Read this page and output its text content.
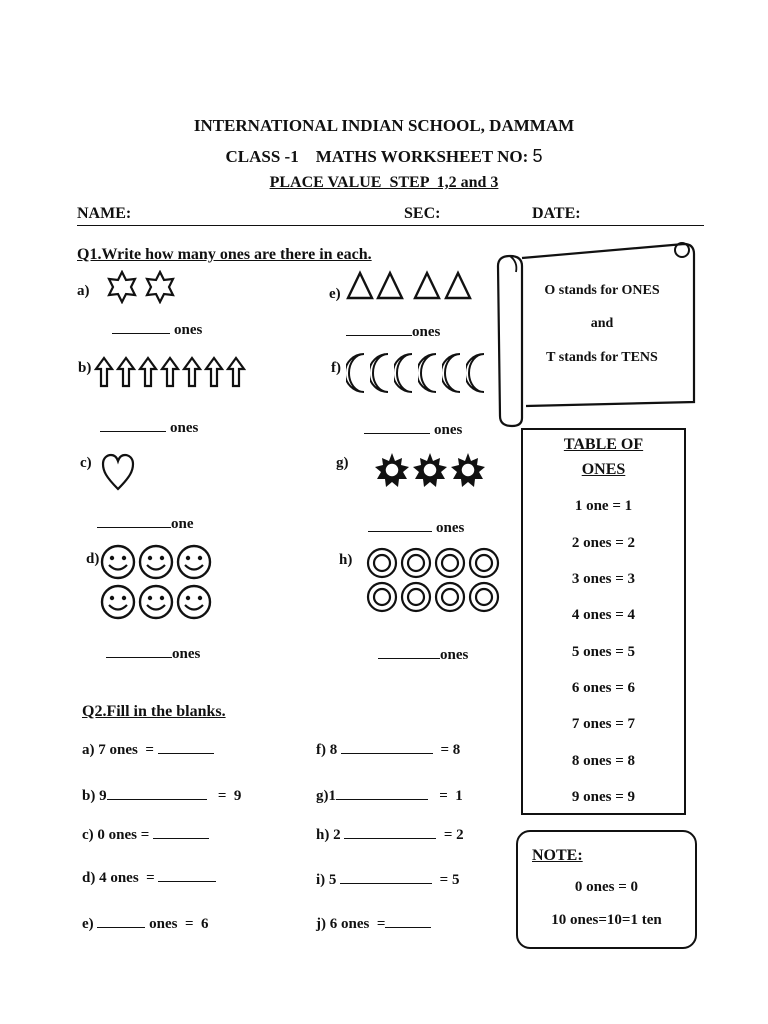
INTERNATIONAL INDIAN SCHOOL, DAMMAM
CLASS -1 MATHS WORKSHEET NO: 5
PLACE VALUE  STEP  1,2 and 3
NAME:	SEC:	DATE:
Q1.Write how many ones are there in each.
a)
ones
e)
ones
b)
ones
f)
ones
c)
one
g)
ones
d)
ones
h)
ones
O stands for ONES
and
T stands for TENS
TABLE OF
ONES
1 one = 1
2 ones = 2
3 ones = 3
4 ones = 4
5 ones = 5
6 ones = 6
7 ones = 7
8 ones = 8
9 ones = 9
Q2.Fill in the blanks.
a) 7 ones  =
b) 9	=  9
c) 0 ones =
d) 4 ones  =
e)	ones  =  6
f) 8	= 8
g)1	=  1
h) 2	= 2
i) 5	= 5
j) 6 ones  =
NOTE:
0 ones = 0
10 ones=10=1 ten
